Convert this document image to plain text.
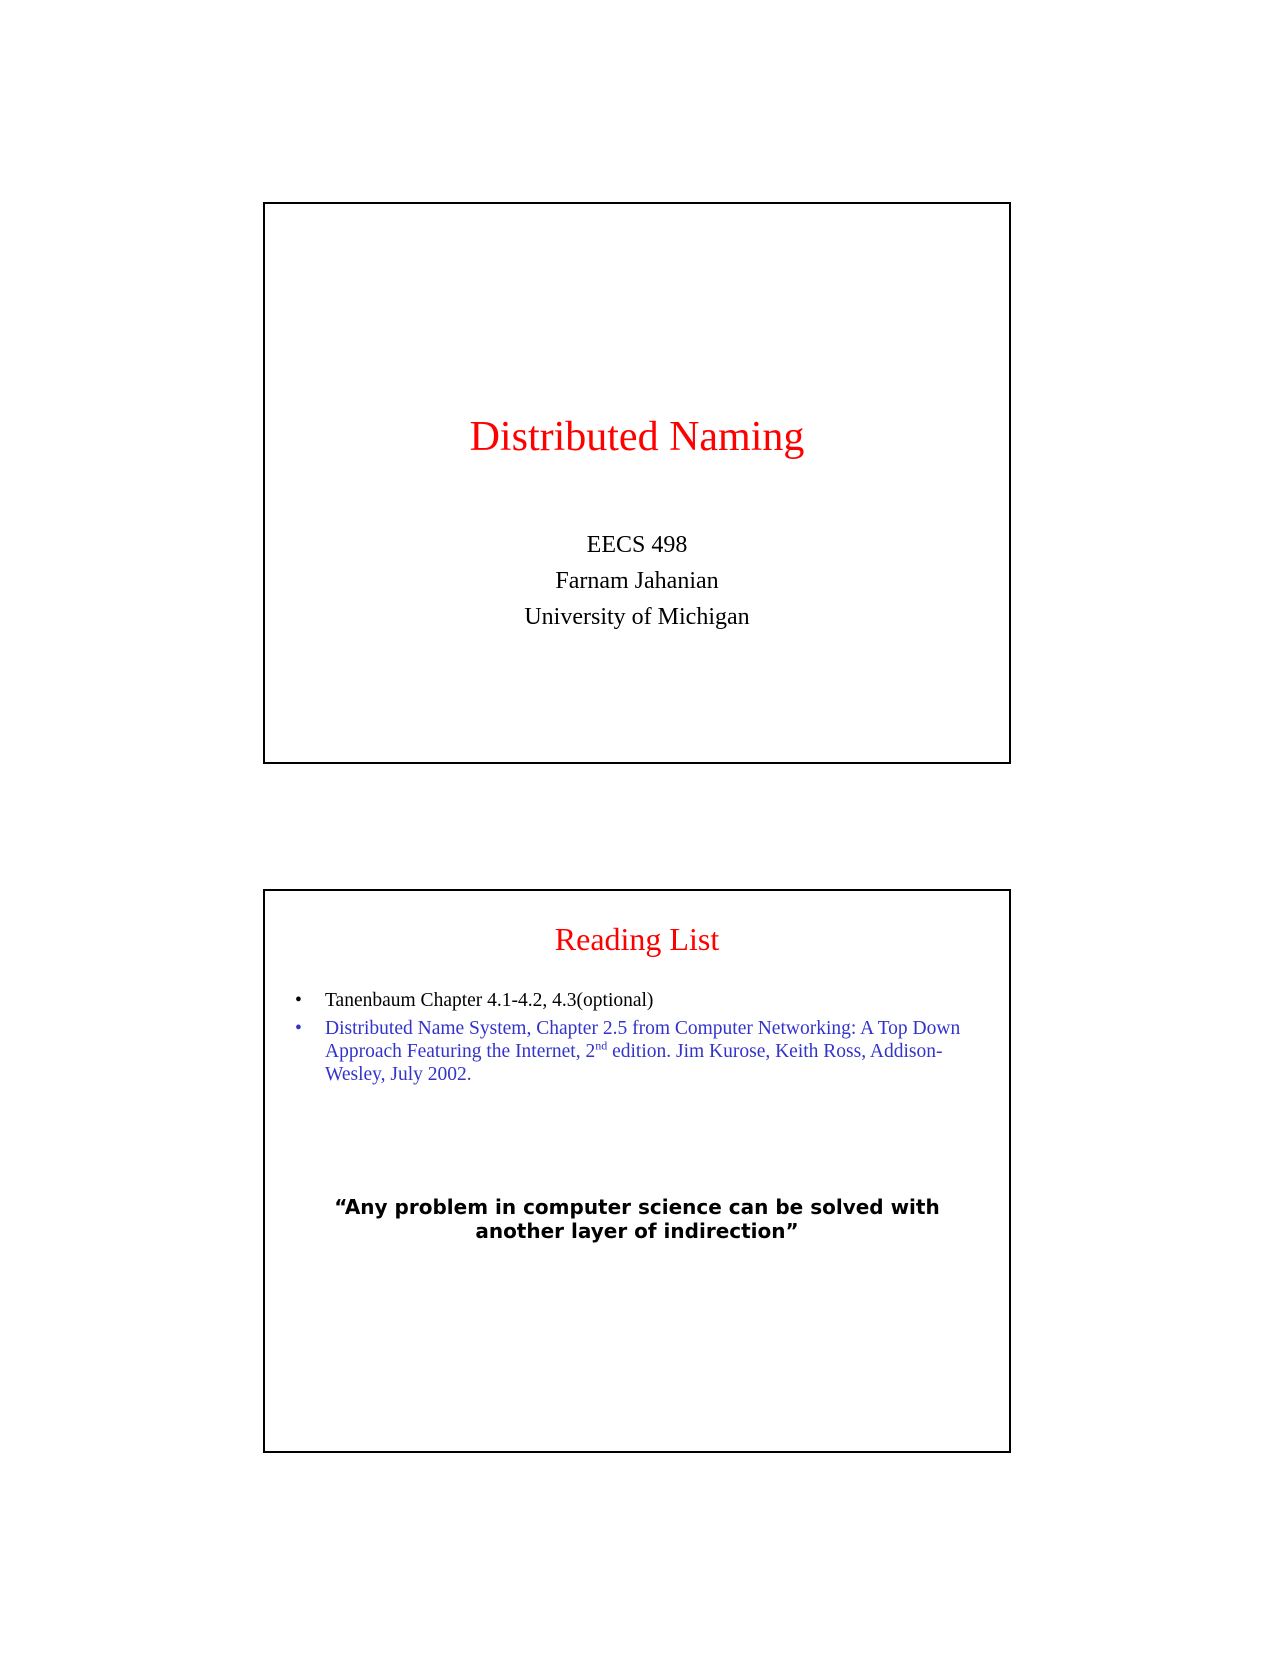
Distributed Naming
EECS 498
Farnam Jahanian
University of Michigan
Reading List
• Tanenbaum Chapter 4.1-4.2, 4.3(optional)
• Distributed Name System, Chapter 2.5 from Computer Networking: A Top Down Approach Featuring the Internet, 2nd edition. Jim Kurose, Keith Ross, Addison-Wesley, July 2002.
“Any problem in computer science can be solved with another layer of indirection”
